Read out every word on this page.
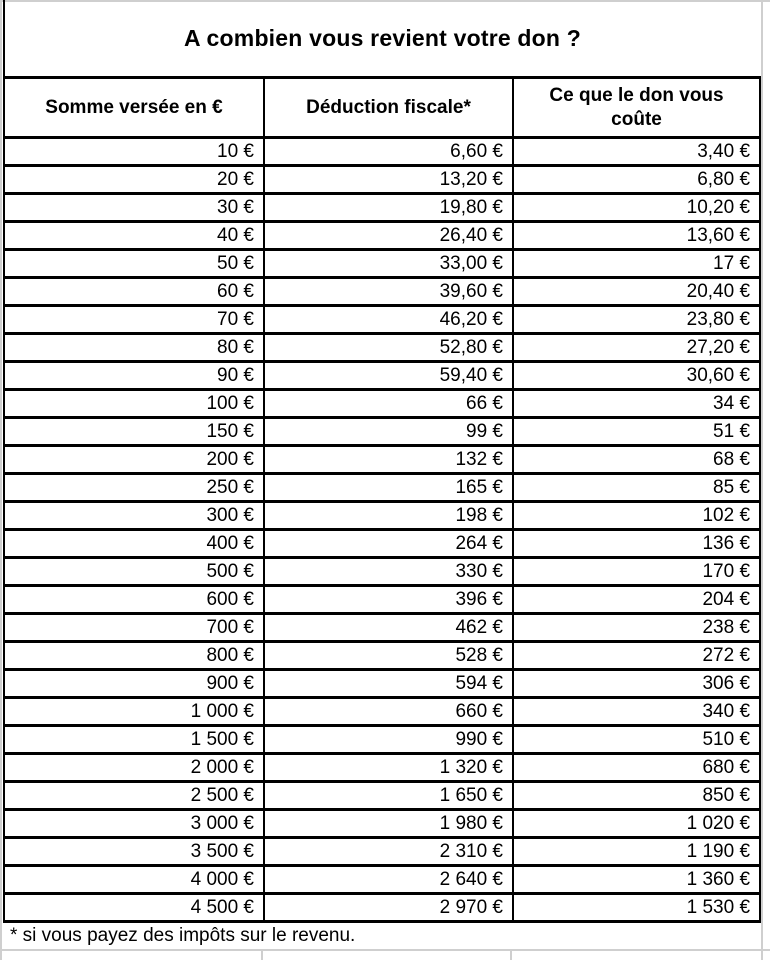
A combien vous revient votre don ?		
Somme versée en €	Déduction fiscale*	Ce que le don vous coûte
10 €	6,60 €	3,40 €
20 €	13,20 €	6,80 €
30 €	19,80 €	10,20 €
40 €	26,40 €	13,60 €
50 €	33,00 €	17 €
60 €	39,60 €	20,40 €
70 €	46,20 €	23,80 €
80 €	52,80 €	27,20 €
90 €	59,40 €	30,60 €
100 €	66 €	34 €
150 €	99 €	51 €
200 €	132 €	68 €
250 €	165 €	85 €
300 €	198 €	102 €
400 €	264 €	136 €
500 €	330 €	170 €
600 €	396 €	204 €
700 €	462 €	238 €
800 €	528 €	272 €
900 €	594 €	306 €
1 000 €	660 €	340 €
1 500 €	990 €	510 €
2 000 €	1 320 €	680 €
2 500 €	1 650 €	850 €
3 000 €	1 980 €	1 020 €
3 500 €	2 310 €	1 190 €
4 000 €	2 640 €	1 360 €
4 500 €	2 970 €	1 530 €
* si vous payez des impôts sur le revenu.		
